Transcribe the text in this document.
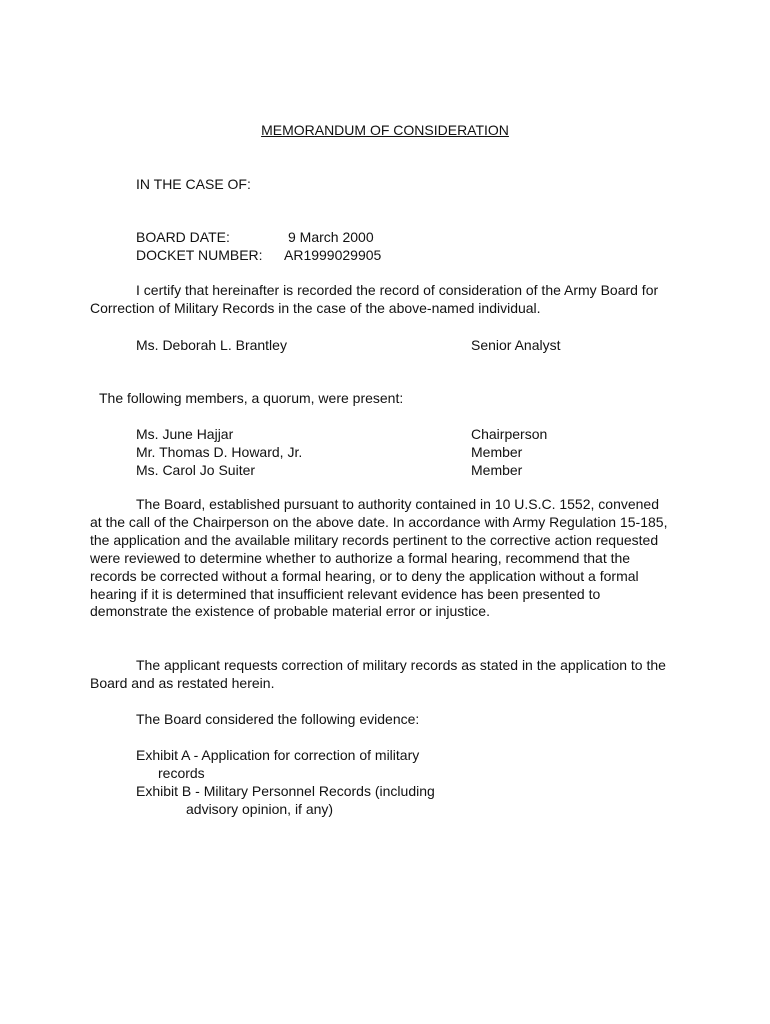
MEMORANDUM OF CONSIDERATION
IN THE CASE OF:
BOARD DATE:	9 March 2000
DOCKET NUMBER: AR1999029905
I certify that hereinafter is recorded the record of consideration of the Army Board for Correction of Military Records in the case of the above-named individual.
Ms. Deborah L. Brantley	Senior Analyst
The following members, a quorum, were present:
Ms. June Hajjar	Chairperson
Mr. Thomas D. Howard, Jr.	Member
Ms. Carol Jo Suiter	Member
The Board, established pursuant to authority contained in 10 U.S.C. 1552, convened at the call of the Chairperson on the above date. In accordance with Army Regulation 15-185, the application and the available military records pertinent to the corrective action requested were reviewed to determine whether to authorize a formal hearing, recommend that the records be corrected without a formal hearing, or to deny the application without a formal hearing if it is determined that insufficient relevant evidence has been presented to demonstrate the existence of probable material error or injustice.
The applicant requests correction of military records as stated in the application to the Board and as restated herein.
The Board considered the following evidence:
Exhibit A - Application for correction of military
records
Exhibit B - Military Personnel Records (including
advisory opinion, if any)
